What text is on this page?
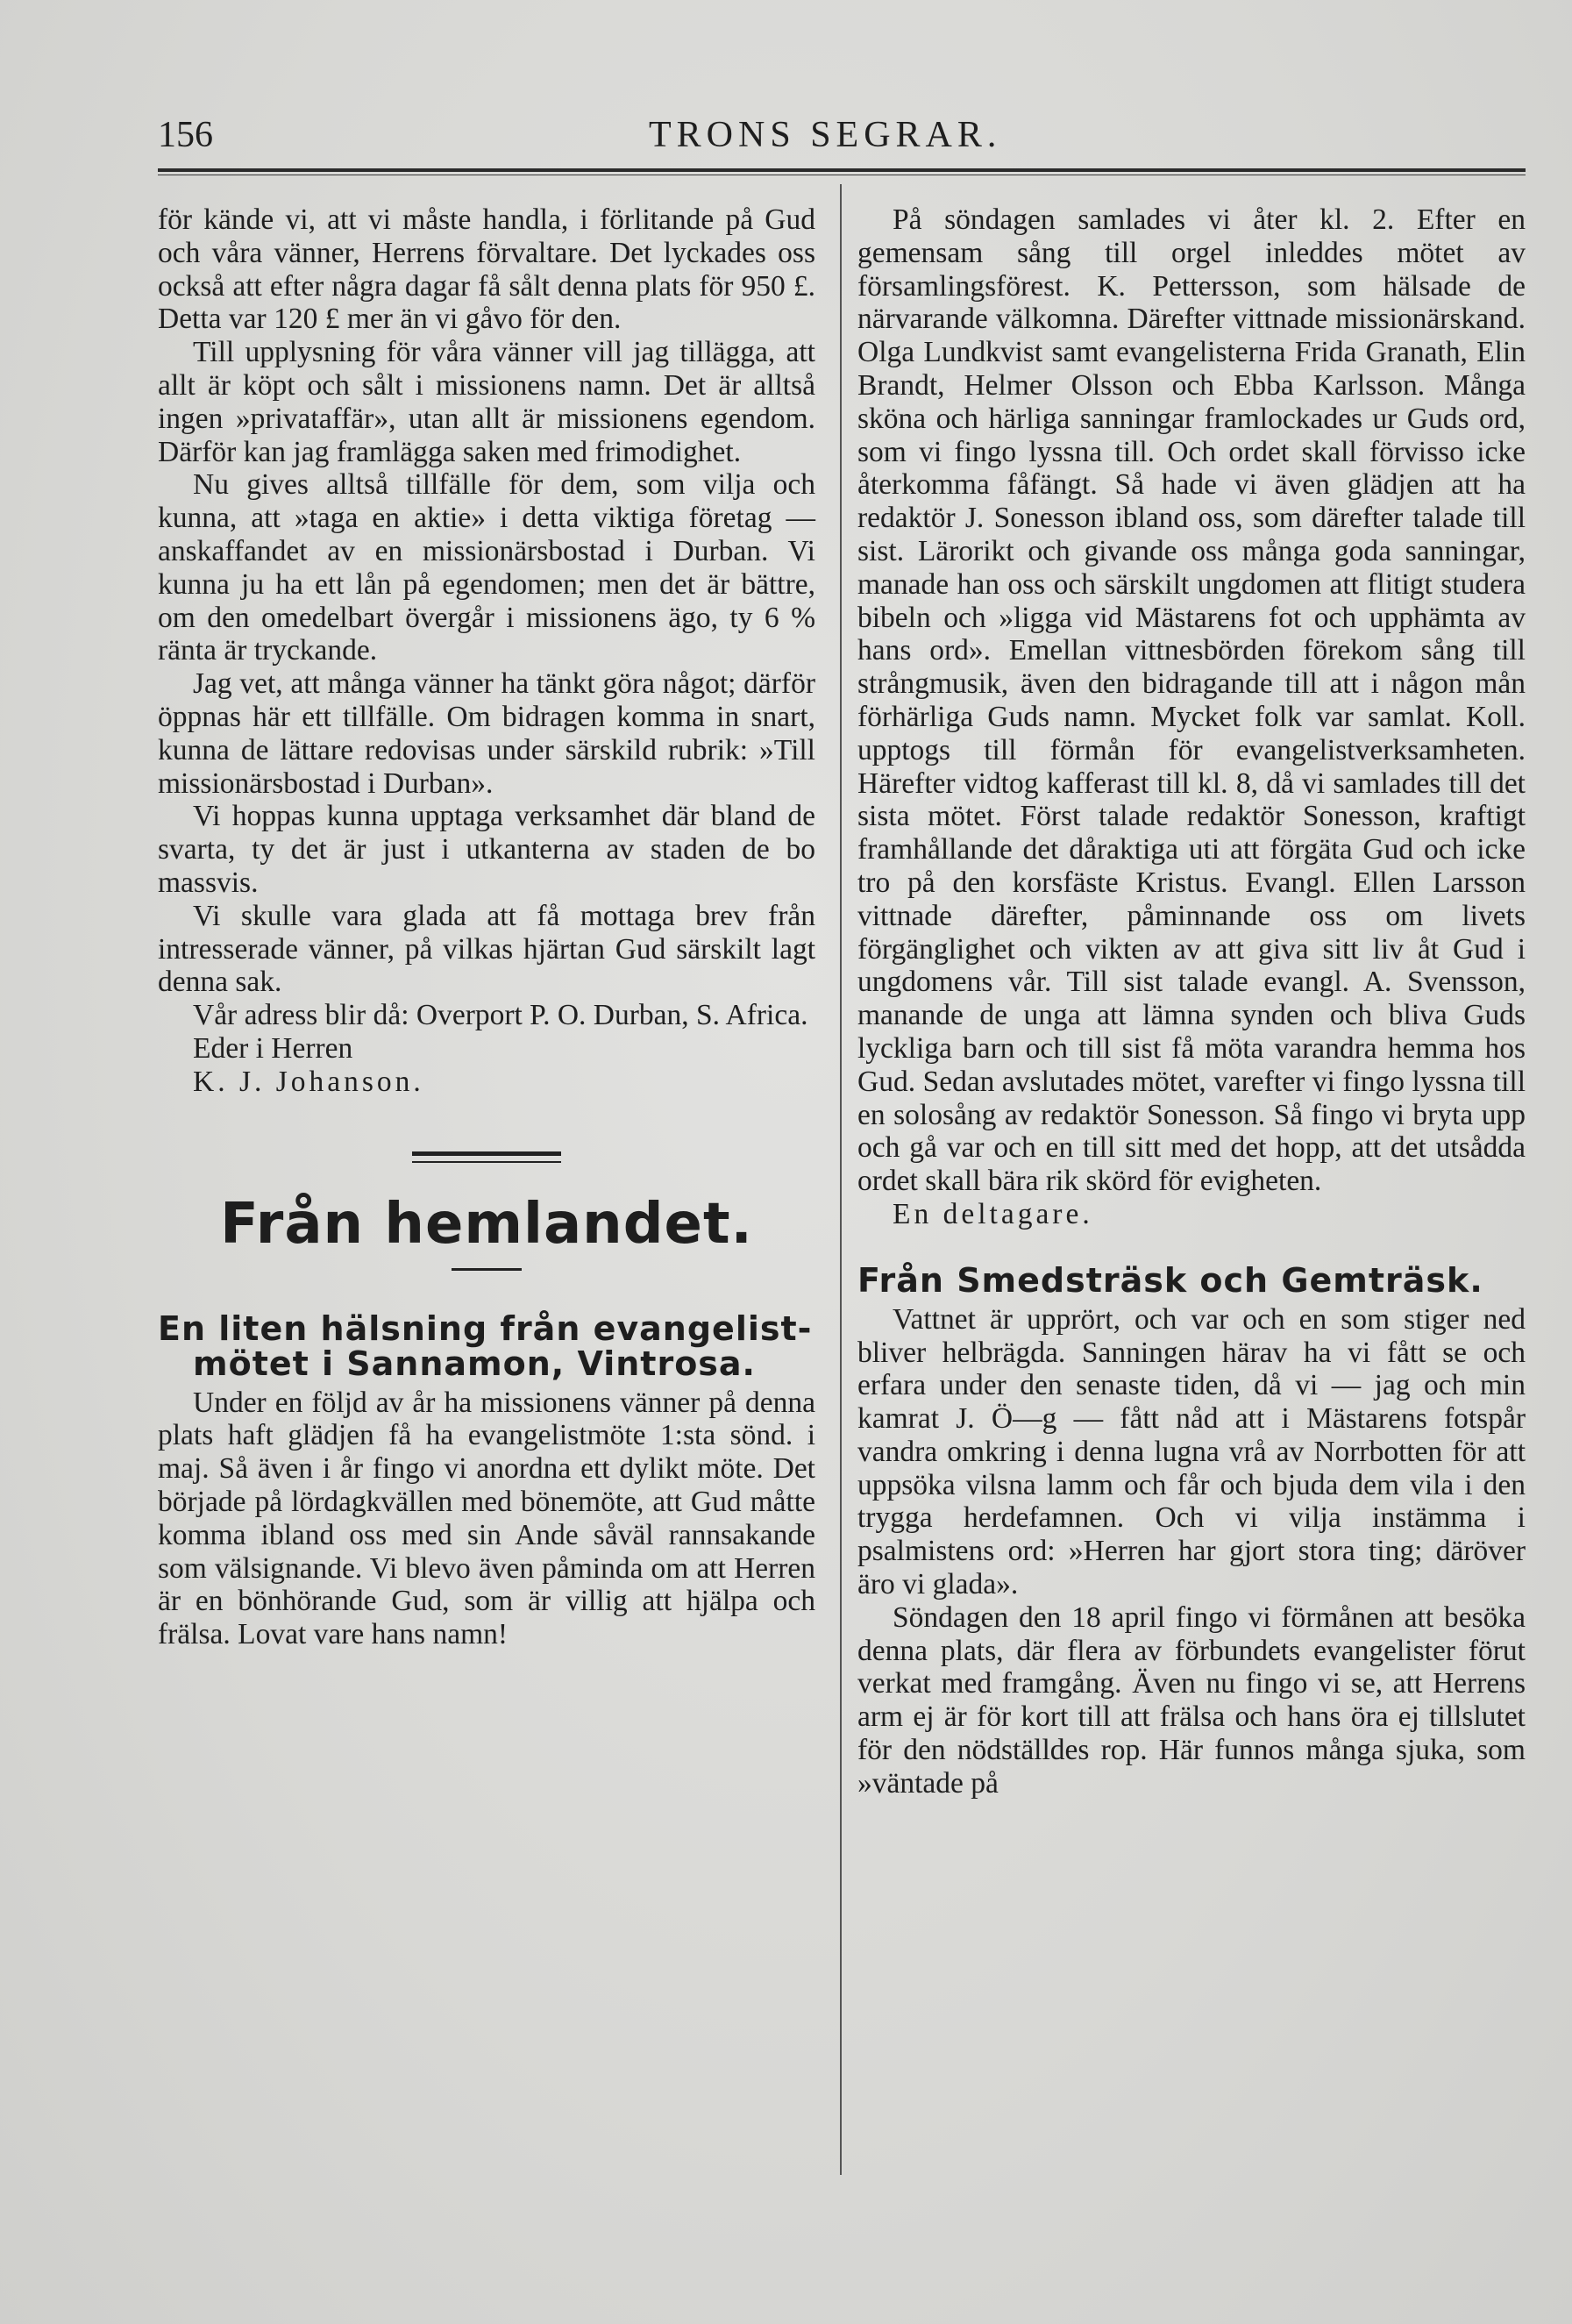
156	TRONS SEGRAR.

för kände vi, att vi måste handla, i förlitande på Gud och våra vänner, Herrens förvaltare. Det lyckades oss också att efter några dagar få sålt denna plats för 950 £. Detta var 120 £ mer än vi gåvo för den.

Till upplysning för våra vänner vill jag tillägga, att allt är köpt och sålt i missionens namn. Det är alltså ingen »privataffär», utan allt är missionens egendom. Därför kan jag framlägga saken med frimodighet.

Nu gives alltså tillfälle för dem, som vilja och kunna, att »taga en aktie» i detta viktiga företag — anskaffandet av en missionärsbostad i Durban. Vi kunna ju ha ett lån på egendomen; men det är bättre, om den omedelbart övergår i missionens ägo, ty 6 % ränta är tryckande.

Jag vet, att många vänner ha tänkt göra något; därför öppnas här ett tillfälle. Om bidragen komma in snart, kunna de lättare redovisas under särskild rubrik: »Till missionärsbostad i Durban».

Vi hoppas kunna upptaga verksamhet där bland de svarta, ty det är just i utkanterna av staden de bo massvis.

Vi skulle vara glada att få mottaga brev från intresserade vänner, på vilkas hjärtan Gud särskilt lagt denna sak.

Vår adress blir då: Overport P. O. Durban, S. Africa.

Eder i Herren

K. J. Johanson.

Från hemlandet.
En liten hälsning från evangelist-
mötet i Sannamon, Vintrosa.

Under en följd av år ha missionens vänner på denna plats haft glädjen få ha evangelistmöte 1:sta sönd. i maj. Så även i år fingo vi anordna ett dylikt möte. Det började på lördagkvällen med bönemöte, att Gud måtte komma ibland oss med sin Ande såväl rannsakande som välsignande. Vi blevo även påminda om att Herren är en bönhörande Gud, som är villig att hjälpa och frälsa. Lovat vare hans namn!

På söndagen samlades vi åter kl. 2. Efter en gemensam sång till orgel inleddes mötet av församlingsförest. K. Pettersson, som hälsade de närvarande välkomna. Därefter vittnade missionärskand. Olga Lundkvist samt evangelisterna Frida Granath, Elin Brandt, Helmer Olsson och Ebba Karlsson. Många sköna och härliga sanningar framlockades ur Guds ord, som vi fingo lyssna till. Och ordet skall förvisso icke återkomma fåfängt. Så hade vi även glädjen att ha redaktör J. Sonesson ibland oss, som därefter talade till sist. Lärorikt och givande oss många goda sanningar, manade han oss och särskilt ungdomen att flitigt studera bibeln och »ligga vid Mästarens fot och upphämta av hans ord». Emellan vittnesbörden förekom sång till strångmusik, även den bidragande till att i någon mån förhärliga Guds namn. Mycket folk var samlat. Koll. upptogs till förmån för evangelistverksamheten. Härefter vidtog kafferast till kl. 8, då vi samlades till det sista mötet. Först talade redaktör Sonesson, kraftigt framhållande det dåraktiga uti att förgäta Gud och icke tro på den korsfäste Kristus. Evangl. Ellen Larsson vittnade därefter, påminnande oss om livets förgänglighet och vikten av att giva sitt liv åt Gud i ungdomens vår. Till sist talade evangl. A. Svensson, manande de unga att lämna synden och bliva Guds lyckliga barn och till sist få möta varandra hemma hos Gud. Sedan avslutades mötet, varefter vi fingo lyssna till en solosång av redaktör Sonesson. Så fingo vi bryta upp och gå var och en till sitt med det hopp, att det utsådda ordet skall bära rik skörd för evigheten.

En deltagare.

Från Smedsträsk och Gemträsk.

Vattnet är upprört, och var och en som stiger ned bliver helbrägda. Sanningen härav ha vi fått se och erfara under den senaste tiden, då vi — jag och min kamrat J. Ö—g — fått nåd att i Mästarens fotspår vandra omkring i denna lugna vrå av Norrbotten för att uppsöka vilsna lamm och får och bjuda dem vila i den trygga herdefamnen. Och vi vilja instämma i psalmistens ord: »Herren har gjort stora ting; däröver äro vi glada».

Söndagen den 18 april fingo vi förmånen att besöka denna plats, där flera av förbundets evangelister förut verkat med framgång. Även nu fingo vi se, att Herrens arm ej är för kort till att frälsa och hans öra ej tillslutet för den nödställdes rop. Här funnos många sjuka, som »väntade på
